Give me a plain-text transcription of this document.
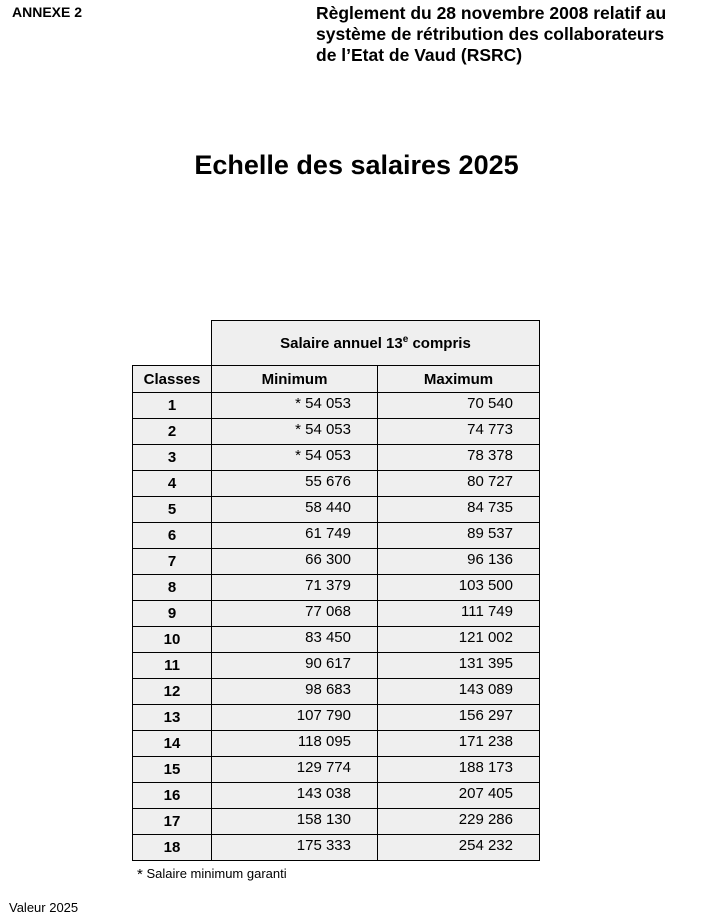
ANNEXE 2	Règlement du 28 novembre 2008 relatif au
système de rétribution des collaborateurs
de l’Etat de Vaud (RSRC)
Echelle des salaires 2025
	Salaire annuel 13e compris	
Classes	Minimum	Maximum
1	* 54 053	70 540
2	* 54 053	74 773
3	* 54 053	78 378
4	55 676	80 727
5	58 440	84 735
6	61 749	89 537
7	66 300	96 136
8	71 379	103 500
9	77 068	111 749
10	83 450	121 002
11	90 617	131 395
12	98 683	143 089
13	107 790	156 297
14	118 095	171 238
15	129 774	188 173
16	143 038	207 405
17	158 130	229 286
18	175 333	254 232
* Salaire minimum garanti
Valeur 2025
